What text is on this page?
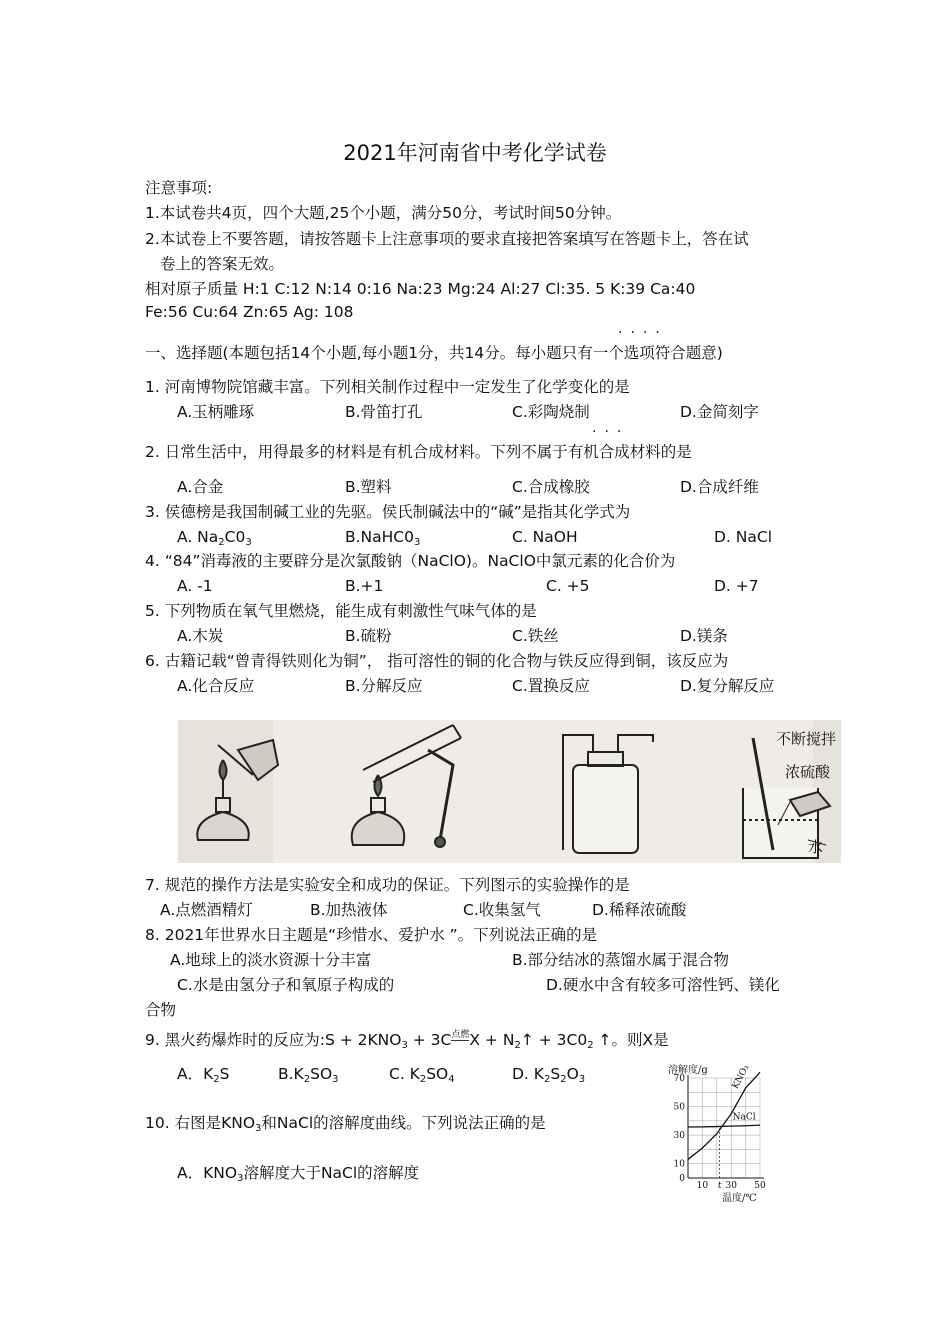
2021年河南省中考化学试卷
注意事项:
1.本试卷共4页，四个大题,25个小题，满分50分，考试时间50分钟。
2.本试卷上不要答题，请按答题卡上注意事项的要求直接把答案填写在答题卡上，答在试
卷上的答案无效。
相对原子质量 H:1 C:12 N:14 0:16 Na:23 Mg:24 Al:27 Cl:35. 5 K:39 Ca:40
Fe:56 Cu:64 Zn:65 Ag: 108
····
一、选择题(本题包括14个小题,每小题1分，共14分。每小题只有一个选项符合题意)
1. 河南博物院馆藏丰富。下列相关制作过程中一定发生了化学变化的是
A.玉柄雕琢	B.骨笛打孔	C.彩陶烧制	D.金简刻字
···
2. 日常生活中，用得最多的材料是有机合成材料。下列不属于有机合成材料的是
A.合金	B.塑料	C.合成橡胶	D.合成纤维
3. 侯德榜是我国制碱工业的先驱。侯氏制碱法中的“碱”是指其化学式为
A. $Na_2C0_3$	$B.NaHC0_3$	C. NaOH	D. NaCl
4. “84”消毒液的主要辟分是次氯酸钠（NaClO)。NaClO中氯元素的化合价为
A. -1	B.+1	C. +5	D. +7
5. 下列物质在氧气里燃烧，能生成有刺激性气味气体的是
A.木炭	B.硫粉	C.铁丝	D.镁条
6. 古籍记载“曾青得铁则化为铜”， 指可溶性的铜的化合物与铁反应得到铜，该反应为
A.化合反应	B.分解反应	C.置换反应	D.复分解反应
不断搅拌
浓硫酸
水
7. 规范的操作方法是实验安全和成功的保证。下列图示的实验操作的是
A.点燃酒精灯	B.加热液体	C.收集氢气	D.稀释浓硫酸
8. 2021年世界水日主题是“珍惜水、爱护水 ”。下列说法正确的是
A.地球上的淡水资源十分丰富	B.部分结冰的蒸馏水属于混合物
C.水是由氢分子和氧原子构成的	D.硬水中含有较多可溶性钙、镁化
合物
9. 黑火药爆炸时的反应为:S + $2KNO_3 + 3C^{点燃}X$ + $N_2↑ + 3C0_2$ ↑。则X是
A．$K_2S$	$B.K_2SO_3$	C. $K_2SO_4$	D. $K_2S_2O_3$
10. 右图是$KNO_3$和NaCl的溶解度曲线。下列说法正确的是
A．$KNO_3$溶解度大于NaCl的溶解度
溶解度/g
温度/℃
70
50
30
10
0
10 t 30 50
KNO₃
NaCl
